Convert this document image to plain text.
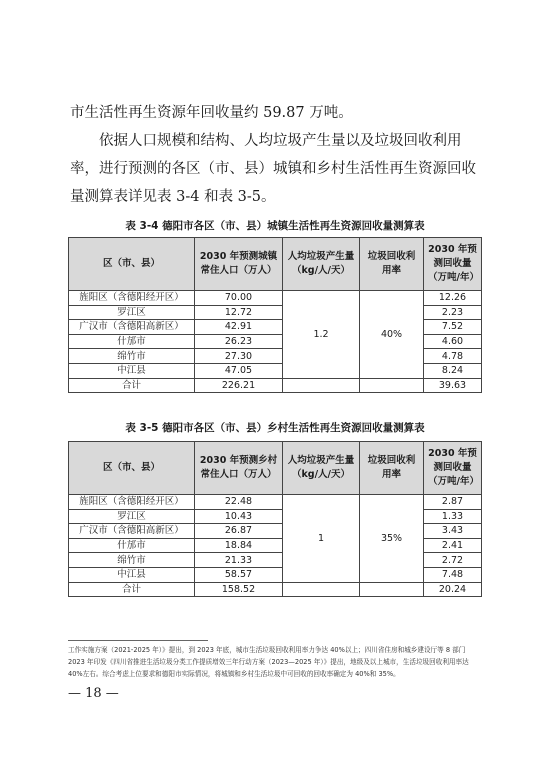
市生活性再生资源年回收量约 59.87 万吨。

依据人口规模和结构、人均垃圾产生量以及垃圾回收利用率，进行预测的各区（市、县）城镇和乡村生活性再生资源回收量测算表详见表 3-4 和表 3-5。

表 3-4 德阳市各区（市、县）城镇生活性再生资源回收量测算表

区（市、县）	2030 年预测城镇常住人口（万人）	人均垃圾产生量（kg/人/天）	垃圾回收利用率	2030 年预测回收量（万吨/年）
旌阳区（含德阳经开区）	70.00	1.2	40%	12.26
罗江区	12.72			2.23
广汉市（含德阳高新区）	42.91			7.52
什邡市	26.23			4.60
绵竹市	27.30			4.78
中江县	47.05			8.24
合计	226.21			39.63

表 3-5 德阳市各区（市、县）乡村生活性再生资源回收量测算表

区（市、县）	2030 年预测乡村常住人口（万人）	人均垃圾产生量（kg/人/天）	垃圾回收利用率	2030 年预测回收量（万吨/年）
旌阳区（含德阳经开区）	22.48	1	35%	2.87
罗江区	10.43			1.33
广汉市（含德阳高新区）	26.87			3.43
什邡市	18.84			2.41
绵竹市	21.33			2.72
中江县	58.57			7.48
合计	158.52			20.24

工作实施方案（2021-2025 年）》提出，到 2023 年底，城市生活垃圾回收利用率力争达 40%以上；四川省住房和城乡建设厅等 8 部门 2023 年印发《四川省推进生活垃圾分类工作提质增效三年行动方案（2023—2025 年）》提出，地级及以上城市，生活垃圾回收利用率达 40%左右。综合考虑上位要求和德阳市实际情况，将城镇和乡村生活垃圾中可回收的回收率确定为 40%和 35%。

— 18 —
